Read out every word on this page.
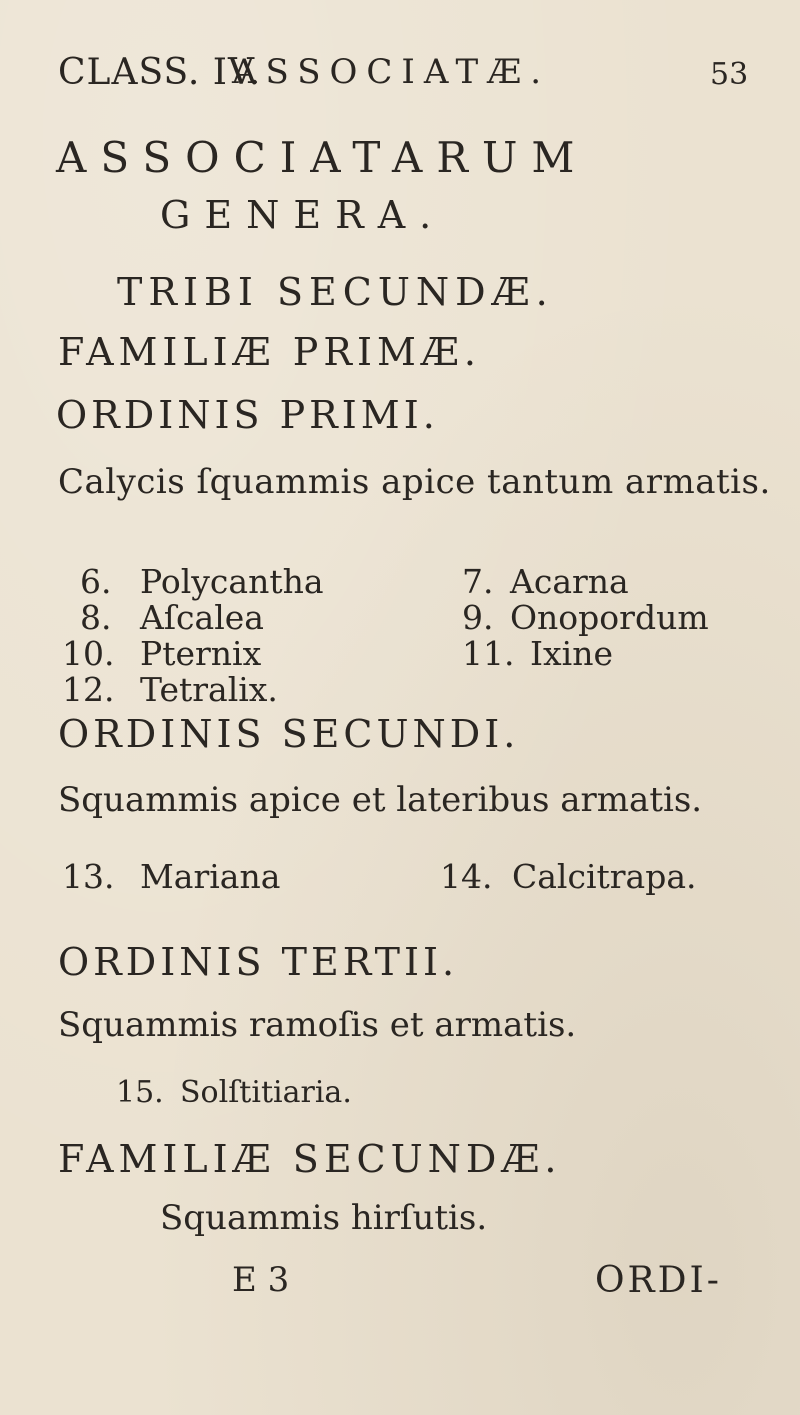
CLASS. IV.
ASSOCIATÆ.	53
ASSOCIATARUM
GENERA.
TRIBI SECUNDÆ.
FAMILIÆ PRIMÆ.
ORDINIS PRIMI.
Calycis ſquammis apice tantum armatis.
6. Polycantha	7. Acarna
8. Aſcalea	9. Onopordum
10. Pternix	11. Ixine
12. Tetralix.
ORDINIS SECUNDI.
Squammis apice et lateribus armatis.
13. Mariana	14. Calcitrapa.
ORDINIS TERTII.
Squammis ramoſis et armatis.
15. Solſtitiaria.
FAMILIÆ SECUNDÆ.
Squammis hirſutis.
E 3	ORDI-
